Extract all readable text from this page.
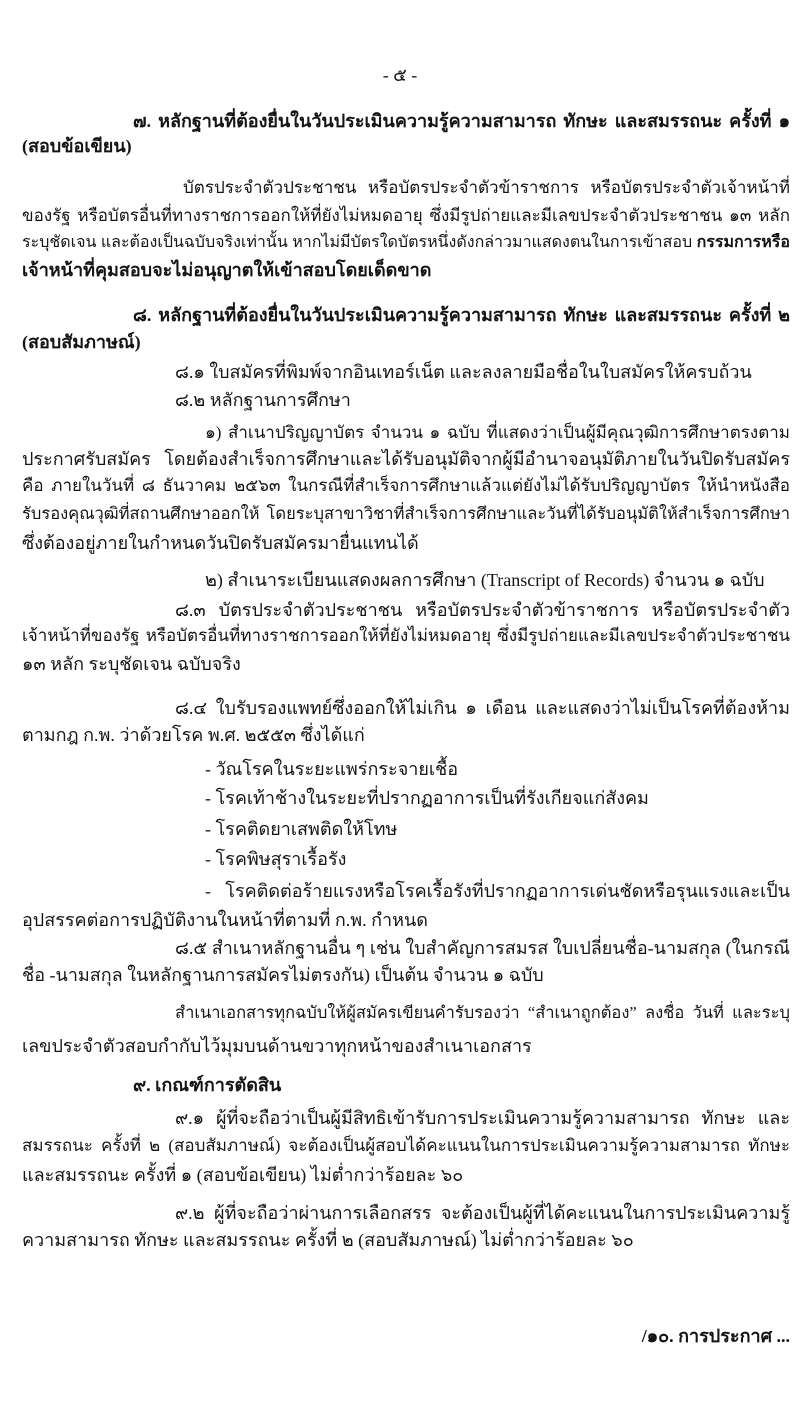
- ๕ -
๗. หลักฐานที่ต้องยื่นในวันประเมินความรู้ความสามารถ ทักษะ และสมรรถนะ ครั้งที่ ๑
(สอบข้อเขียน)
บัตรประจำตัวประชาชน หรือบัตรประจำตัวข้าราชการ หรือบัตรประจำตัวเจ้าหน้าที่
ของรัฐ หรือบัตรอื่นที่ทางราชการออกให้ที่ยังไม่หมดอายุ ซึ่งมีรูปถ่ายและมีเลขประจำตัวประชาชน ๑๓ หลัก
ระบุชัดเจน และต้องเป็นฉบับจริงเท่านั้น หากไม่มีบัตรใดบัตรหนึ่งดังกล่าวมาแสดงตนในการเข้าสอบ กรรมการหรือ
เจ้าหน้าที่คุมสอบจะไม่อนุญาตให้เข้าสอบโดยเด็ดขาด
๘. หลักฐานที่ต้องยื่นในวันประเมินความรู้ความสามารถ ทักษะ และสมรรถนะ ครั้งที่ ๒
(สอบสัมภาษณ์)
๘.๑ ใบสมัครที่พิมพ์จากอินเทอร์เน็ต และลงลายมือชื่อในใบสมัครให้ครบถ้วน
๘.๒ หลักฐานการศึกษา
๑) สำเนาปริญญาบัตร จำนวน ๑ ฉบับ ที่แสดงว่าเป็นผู้มีคุณวุฒิการศึกษาตรงตาม
ประกาศรับสมัคร โดยต้องสำเร็จการศึกษาและได้รับอนุมัติจากผู้มีอำนาจอนุมัติภายในวันปิดรับสมัคร
คือ ภายในวันที่ ๘ ธันวาคม ๒๕๖๓ ในกรณีที่สำเร็จการศึกษาแล้วแต่ยังไม่ได้รับปริญญาบัตร ให้นำหนังสือ
รับรองคุณวุฒิที่สถานศึกษาออกให้ โดยระบุสาขาวิชาที่สำเร็จการศึกษาและวันที่ได้รับอนุมัติให้สำเร็จการศึกษา
ซึ่งต้องอยู่ภายในกำหนดวันปิดรับสมัครมายื่นแทนได้
๒) สำเนาระเบียนแสดงผลการศึกษา (Transcript of Records) จำนวน ๑ ฉบับ
๘.๓ บัตรประจำตัวประชาชน หรือบัตรประจำตัวข้าราชการ หรือบัตรประจำตัว
เจ้าหน้าที่ของรัฐ หรือบัตรอื่นที่ทางราชการออกให้ที่ยังไม่หมดอายุ ซึ่งมีรูปถ่ายและมีเลขประจำตัวประชาชน
๑๓ หลัก ระบุชัดเจน ฉบับจริง
๘.๔ ใบรับรองแพทย์ซึ่งออกให้ไม่เกิน ๑ เดือน และแสดงว่าไม่เป็นโรคที่ต้องห้าม
ตามกฎ ก.พ. ว่าด้วยโรค พ.ศ. ๒๕๕๓ ซึ่งได้แก่
- วัณโรคในระยะแพร่กระจายเชื้อ
- โรคเท้าช้างในระยะที่ปรากฏอาการเป็นที่รังเกียจแก่สังคม
- โรคติดยาเสพติดให้โทษ
- โรคพิษสุราเรื้อรัง
- โรคติดต่อร้ายแรงหรือโรคเรื้อรังที่ปรากฏอาการเด่นชัดหรือรุนแรงและเป็น
อุปสรรคต่อการปฏิบัติงานในหน้าที่ตามที่ ก.พ. กำหนด
๘.๕ สำเนาหลักฐานอื่น ๆ เช่น ใบสำคัญการสมรส ใบเปลี่ยนชื่อ-นามสกุล (ในกรณี
ชื่อ -นามสกุล ในหลักฐานการสมัครไม่ตรงกัน) เป็นต้น จำนวน ๑ ฉบับ
สำเนาเอกสารทุกฉบับให้ผู้สมัครเขียนคำรับรองว่า “สำเนาถูกต้อง” ลงชื่อ วันที่ และระบุ
เลขประจำตัวสอบกำกับไว้มุมบนด้านขวาทุกหน้าของสำเนาเอกสาร
๙. เกณฑ์การตัดสิน
๙.๑ ผู้ที่จะถือว่าเป็นผู้มีสิทธิเข้ารับการประเมินความรู้ความสามารถ ทักษะ และ
สมรรถนะ ครั้งที่ ๒ (สอบสัมภาษณ์) จะต้องเป็นผู้สอบได้คะแนนในการประเมินความรู้ความสามารถ ทักษะ
และสมรรถนะ ครั้งที่ ๑ (สอบข้อเขียน) ไม่ต่ำกว่าร้อยละ ๖๐
๙.๒ ผู้ที่จะถือว่าผ่านการเลือกสรร จะต้องเป็นผู้ที่ได้คะแนนในการประเมินความรู้
ความสามารถ ทักษะ และสมรรถนะ ครั้งที่ ๒ (สอบสัมภาษณ์) ไม่ต่ำกว่าร้อยละ ๖๐
/๑๐. การประกาศ ...
